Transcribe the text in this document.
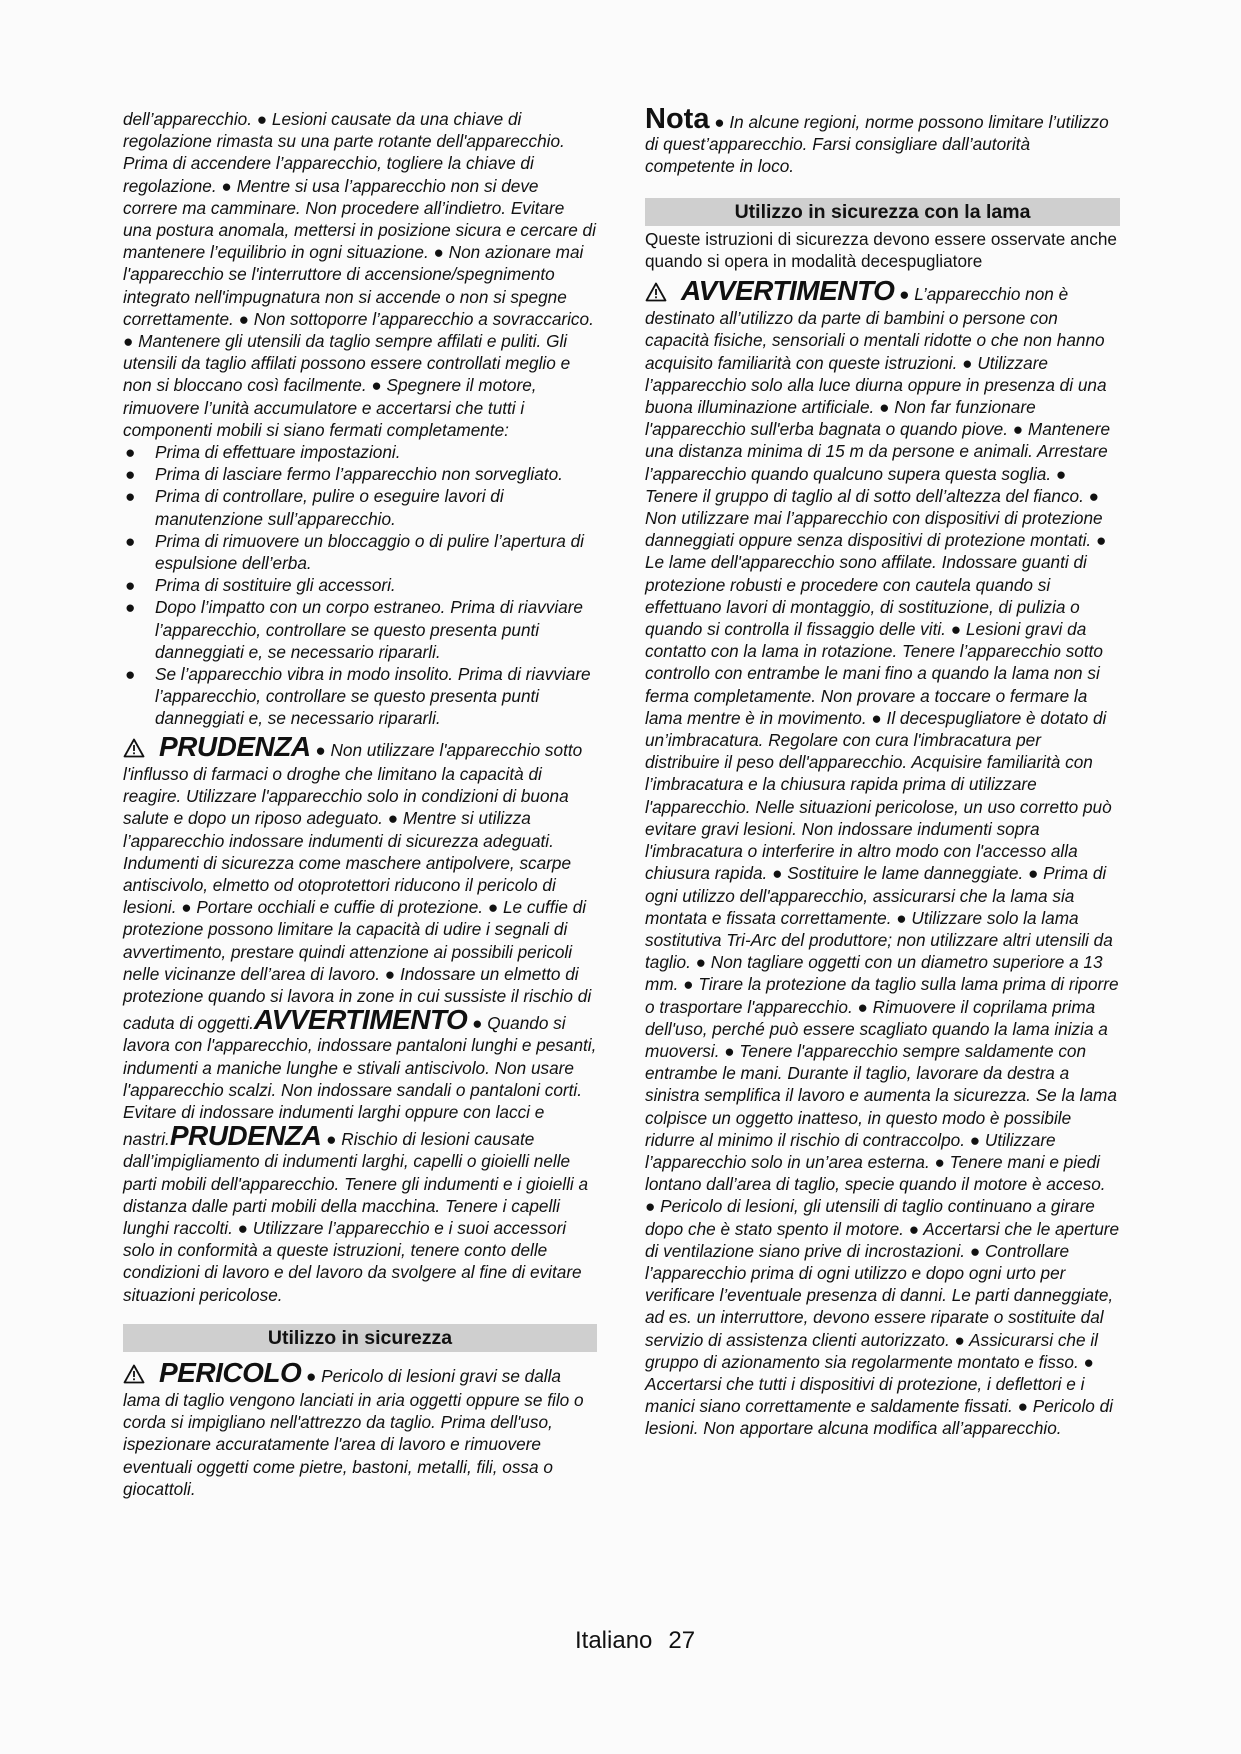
dell’apparecchio. ● Lesioni causate da una chiave di regolazione rimasta su una parte rotante dell'apparecchio. Prima di accendere l’apparecchio, togliere la chiave di regolazione. ● Mentre si usa l’apparecchio non si deve correre ma camminare. Non procedere all’indietro. Evitare una postura anomala, mettersi in posizione sicura e cercare di mantenere l’equilibrio in ogni situazione. ● Non azionare mai l'apparecchio se l'interruttore di accensione/spegnimento integrato nell'impugnatura non si accende o non si spegne correttamente. ● Non sottoporre l’apparecchio a sovraccarico. ● Mantenere gli utensili da taglio sempre affilati e puliti. Gli utensili da taglio affilati possono essere controllati meglio e non si bloccano così facilmente. ● Spegnere il motore, rimuovere l’unità accumulatore e accertarsi che tutti i componenti mobili si siano fermati completamente:

● Prima di effettuare impostazioni.
● Prima di lasciare fermo l’apparecchio non sorvegliato.
● Prima di controllare, pulire o eseguire lavori di manutenzione sull’apparecchio.
● Prima di rimuovere un bloccaggio o di pulire l’apertura di espulsione dell’erba.
● Prima di sostituire gli accessori.
● Dopo l’impatto con un corpo estraneo. Prima di riavviare l’apparecchio, controllare se questo presenta punti danneggiati e, se necessario ripararli.
● Se l’apparecchio vibra in modo insolito. Prima di riavviare l’apparecchio, controllare se questo presenta punti danneggiati e, se necessario ripararli.

PRUDENZA ● Non utilizzare l'apparecchio sotto l'influsso di farmaci o droghe che limitano la capacità di reagire. Utilizzare l'apparecchio solo in condizioni di buona salute e dopo un riposo adeguato. ● Mentre si utilizza l’apparecchio indossare indumenti di sicurezza adeguati. Indumenti di sicurezza come maschere antipolvere, scarpe antiscivolo, elmetto od otoprotettori riducono il pericolo di lesioni. ● Portare occhiali e cuffie di protezione. ● Le cuffie di protezione possono limitare la capacità di udire i segnali di avvertimento, prestare quindi attenzione ai possibili pericoli nelle vicinanze dell’area di lavoro. ● Indossare un elmetto di protezione quando si lavora in zone in cui sussiste il rischio di caduta di oggetti.AVVERTIMENTO ● Quando si lavora con l'apparecchio, indossare pantaloni lunghi e pesanti, indumenti a maniche lunghe e stivali antiscivolo. Non usare l'apparecchio scalzi. Non indossare sandali o pantaloni corti. Evitare di indossare indumenti larghi oppure con lacci e nastri.PRUDENZA ● Rischio di lesioni causate dall’impigliamento di indumenti larghi, capelli o gioielli nelle parti mobili dell'apparecchio. Tenere gli indumenti e i gioielli a distanza dalle parti mobili della macchina. Tenere i capelli lunghi raccolti. ● Utilizzare l’apparecchio e i suoi accessori solo in conformità a queste istruzioni, tenere conto delle condizioni di lavoro e del lavoro da svolgere al fine di evitare situazioni pericolose.

Utilizzo in sicurezza

PERICOLO ● Pericolo di lesioni gravi se dalla lama di taglio vengono lanciati in aria oggetti oppure se filo o corda si impigliano nell'attrezzo da taglio. Prima dell'uso, ispezionare accuratamente l'area di lavoro e rimuovere eventuali oggetti come pietre, bastoni, metalli, fili, ossa o giocattoli.

Nota ● In alcune regioni, norme possono limitare l’utilizzo di quest’apparecchio. Farsi consigliare dall’autorità competente in loco.

Utilizzo in sicurezza con la lama

Queste istruzioni di sicurezza devono essere osservate anche quando si opera in modalità decespugliatore

AVVERTIMENTO ● L’apparecchio non è destinato all’utilizzo da parte di bambini o persone con capacità fisiche, sensoriali o mentali ridotte o che non hanno acquisito familiarità con queste istruzioni. ● Utilizzare l’apparecchio solo alla luce diurna oppure in presenza di una buona illuminazione artificiale. ● Non far funzionare l'apparecchio sull'erba bagnata o quando piove. ● Mantenere una distanza minima di 15 m da persone e animali. Arrestare l’apparecchio quando qualcuno supera questa soglia. ● Tenere il gruppo di taglio al di sotto dell’altezza del fianco. ● Non utilizzare mai l’apparecchio con dispositivi di protezione danneggiati oppure senza dispositivi di protezione montati. ● Le lame dell'apparecchio sono affilate. Indossare guanti di protezione robusti e procedere con cautela quando si effettuano lavori di montaggio, di sostituzione, di pulizia o quando si controlla il fissaggio delle viti. ● Lesioni gravi da contatto con la lama in rotazione. Tenere l’apparecchio sotto controllo con entrambe le mani fino a quando la lama non si ferma completamente. Non provare a toccare o fermare la lama mentre è in movimento. ● Il decespugliatore è dotato di un’imbracatura. Regolare con cura l'imbracatura per distribuire il peso dell'apparecchio. Acquisire familiarità con l’imbracatura e la chiusura rapida prima di utilizzare l'apparecchio. Nelle situazioni pericolose, un uso corretto può evitare gravi lesioni. Non indossare indumenti sopra l'imbracatura o interferire in altro modo con l'accesso alla chiusura rapida. ● Sostituire le lame danneggiate. ● Prima di ogni utilizzo dell'apparecchio, assicurarsi che la lama sia montata e fissata correttamente. ● Utilizzare solo la lama sostitutiva Tri-Arc del produttore; non utilizzare altri utensili da taglio. ● Non tagliare oggetti con un diametro superiore a 13 mm. ● Tirare la protezione da taglio sulla lama prima di riporre o trasportare l'apparecchio. ● Rimuovere il coprilama prima dell'uso, perché può essere scagliato quando la lama inizia a muoversi. ● Tenere l'apparecchio sempre saldamente con entrambe le mani. Durante il taglio, lavorare da destra a sinistra semplifica il lavoro e aumenta la sicurezza. Se la lama colpisce un oggetto inatteso, in questo modo è possibile ridurre al minimo il rischio di contraccolpo. ● Utilizzare l’apparecchio solo in un’area esterna. ● Tenere mani e piedi lontano dall’area di taglio, specie quando il motore è acceso. ● Pericolo di lesioni, gli utensili di taglio continuano a girare dopo che è stato spento il motore. ● Accertarsi che le aperture di ventilazione siano prive di incrostazioni. ● Controllare l’apparecchio prima di ogni utilizzo e dopo ogni urto per verificare l’eventuale presenza di danni. Le parti danneggiate, ad es. un interruttore, devono essere riparate o sostituite dal servizio di assistenza clienti autorizzato. ● Assicurarsi che il gruppo di azionamento sia regolarmente montato e fisso. ● Accertarsi che tutti i dispositivi di protezione, i deflettori e i manici siano correttamente e saldamente fissati. ● Pericolo di lesioni. Non apportare alcuna modifica all’apparecchio.

Italiano 27
